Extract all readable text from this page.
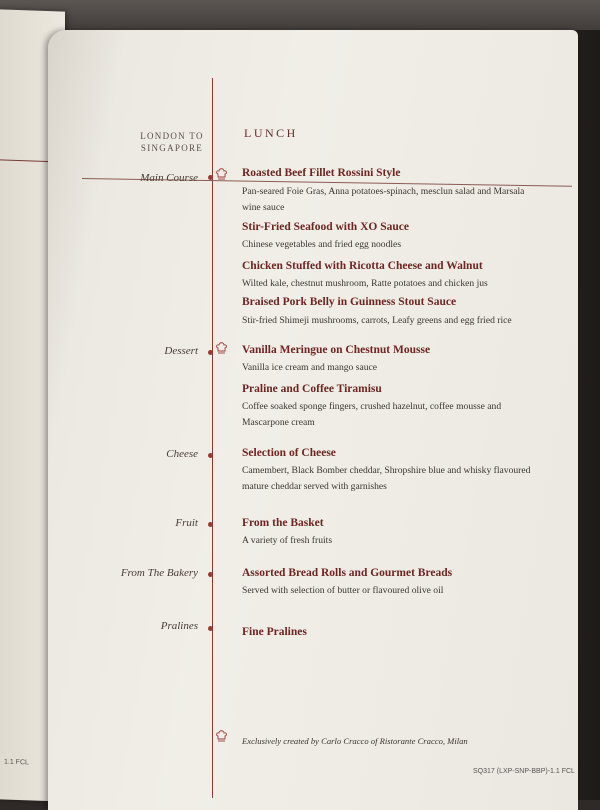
1.1 FCL
LONDON TO SINGAPORE
LUNCH
Main Course	Roasted Beef Fillet Rossini Style
Pan-seared Foie Gras, Anna potatoes-spinach, mesclun salad and Marsala wine sauce
Stir-Fried Seafood with XO Sauce
Chinese vegetables and fried egg noodles
Chicken Stuffed with Ricotta Cheese and Walnut
Wilted kale, chestnut mushroom, Ratte potatoes and chicken jus
Braised Pork Belly in Guinness Stout Sauce
Stir-fried Shimeji mushrooms, carrots, Leafy greens and egg fried rice
Dessert	Vanilla Meringue on Chestnut Mousse
Vanilla ice cream and mango sauce
Praline and Coffee Tiramisu
Coffee soaked sponge fingers, crushed hazelnut, coffee mousse and Mascarpone cream
Cheese	Selection of Cheese
Camembert, Black Bomber cheddar, Shropshire blue and whisky flavoured mature cheddar served with garnishes
Fruit	From the Basket
A variety of fresh fruits
From The Bakery	Assorted Bread Rolls and Gourmet Breads
Served with selection of butter or flavoured olive oil
Pralines	Fine Pralines
Exclusively created by Carlo Cracco of Ristorante Cracco, Milan
SQ317 (LXP-SNP-BBP)-1.1 FCL
